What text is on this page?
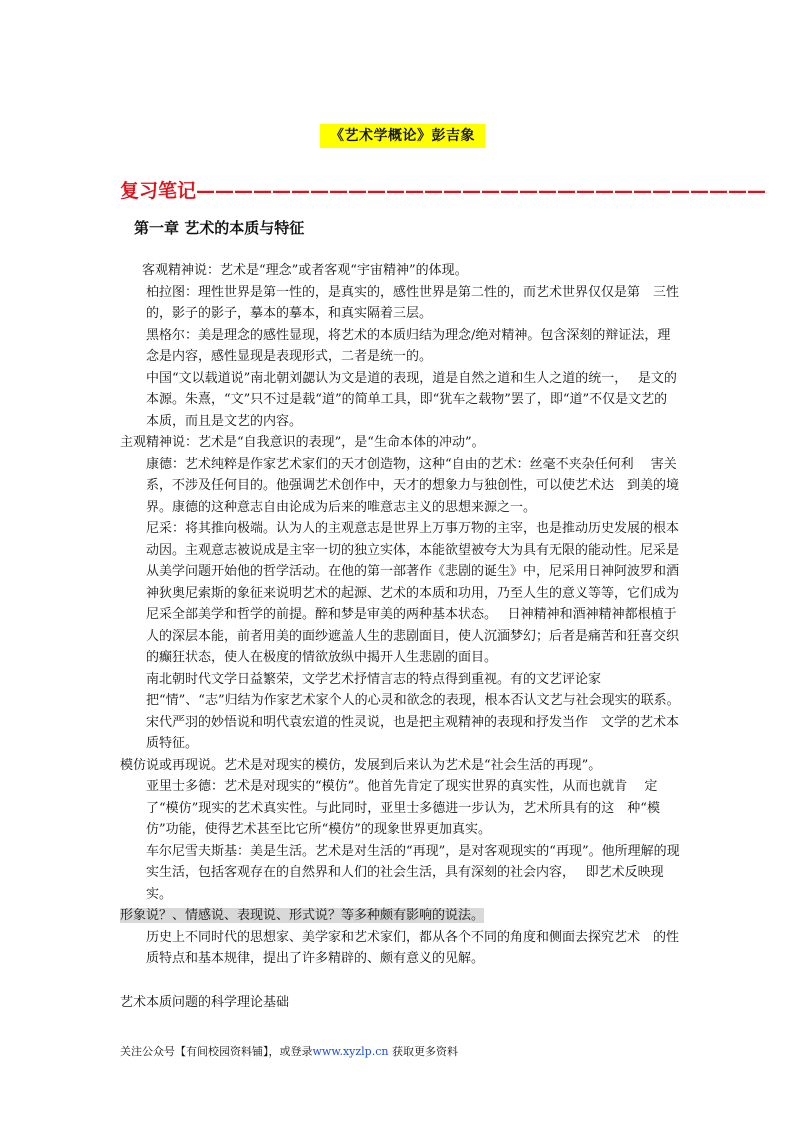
《艺术学概论》彭吉象
复习笔记——————————————————————————————
第一章 艺术的本质与特征

客观精神说：艺术是“理念”或者客观“宇宙精神”的体现。

柏拉图：理性世界是第一性的，是真实的，感性世界是第二性的，而艺术世界仅仅是第　三性的，影子的影子，摹本的摹本，和真实隔着三层。

黑格尔：美是理念的感性显现，将艺术的本质归结为理念/绝对精神。包含深刻的辩证法，理念是内容，感性显现是表现形式，二者是统一的。

中国“文以载道说”南北朝刘勰认为文是道的表现，道是自然之道和生人之道的统一，　 是文的本源。朱熹，“文”只不过是载“道”的简单工具，即“犹车之载物”罢了，即“道”不仅是文艺的本质，而且是文艺的内容。

主观精神说：艺术是“自我意识的表现”，是“生命本体的冲动”。

康德：艺术纯粹是作家艺术家们的天才创造物，这种“自由的艺术：丝毫不夹杂任何利　 害关系，不涉及任何目的。他强调艺术创作中，天才的想象力与独创性，可以使艺术达　到美的境界。康德的这种意志自由论成为后来的唯意志主义的思想来源之一。

尼采：将其推向极端。认为人的主观意志是世界上万事万物的主宰，也是推动历史发展的根本动因。主观意志被说成是主宰一切的独立实体，本能欲望被夸大为具有无限的能动性。尼采是从美学问题开始他的哲学活动。在他的第一部著作《悲剧的诞生》中，尼采用日神阿波罗和酒神狄奥尼索斯的象征来说明艺术的起源、艺术的本质和功用，乃至人生的意义等等，它们成为尼采全部美学和哲学的前提。醉和梦是审美的两种基本状态。　 日神精神和酒神精神都根植于人的深层本能，前者用美的面纱遮盖人生的悲剧面目，使人沉湎梦幻；后者是痛苦和狂喜交织的癫狂状态，使人在极度的情欲放纵中揭开人生悲剧的面目。

南北朝时代文学日益繁荣，文学艺术抒情言志的特点得到重视。有的文艺评论家把“情”、“志”归结为作家艺术家个人的心灵和欲念的表现，根本否认文艺与社会现实的联系。宋代严羽的妙悟说和明代袁宏道的性灵说，也是把主观精神的表现和抒发当作　文学的艺术本质特征。

模仿说或再现说。艺术是对现实的模仿，发展到后来认为艺术是“社会生活的再现”。

亚里士多德：艺术是对现实的“模仿”。他首先肯定了现实世界的真实性，从而也就肯　 定了“模仿”现实的艺术真实性。与此同时，亚里士多德进一步认为，艺术所具有的这　种“模仿”功能，使得艺术甚至比它所“模仿”的现象世界更加真实。

车尔尼雪夫斯基：美是生活。艺术是对生活的“再现”，是对客观现实的“再现”。他所理解的现实生活，包括客观存在的自然界和人们的社会生活，具有深刻的社会内容，　 即艺术反映现实。

形象说？、情感说、表现说、形式说？等多种颇有影响的说法。

历史上不同时代的思想家、美学家和艺术家们，都从各个不同的角度和侧面去探究艺术　的性质特点和基本规律，提出了许多精辟的、颇有意义的见解。

艺术本质问题的科学理论基础

关注公众号【有间校园资料铺】，或登录www.xyzlp.cn 获取更多资料
